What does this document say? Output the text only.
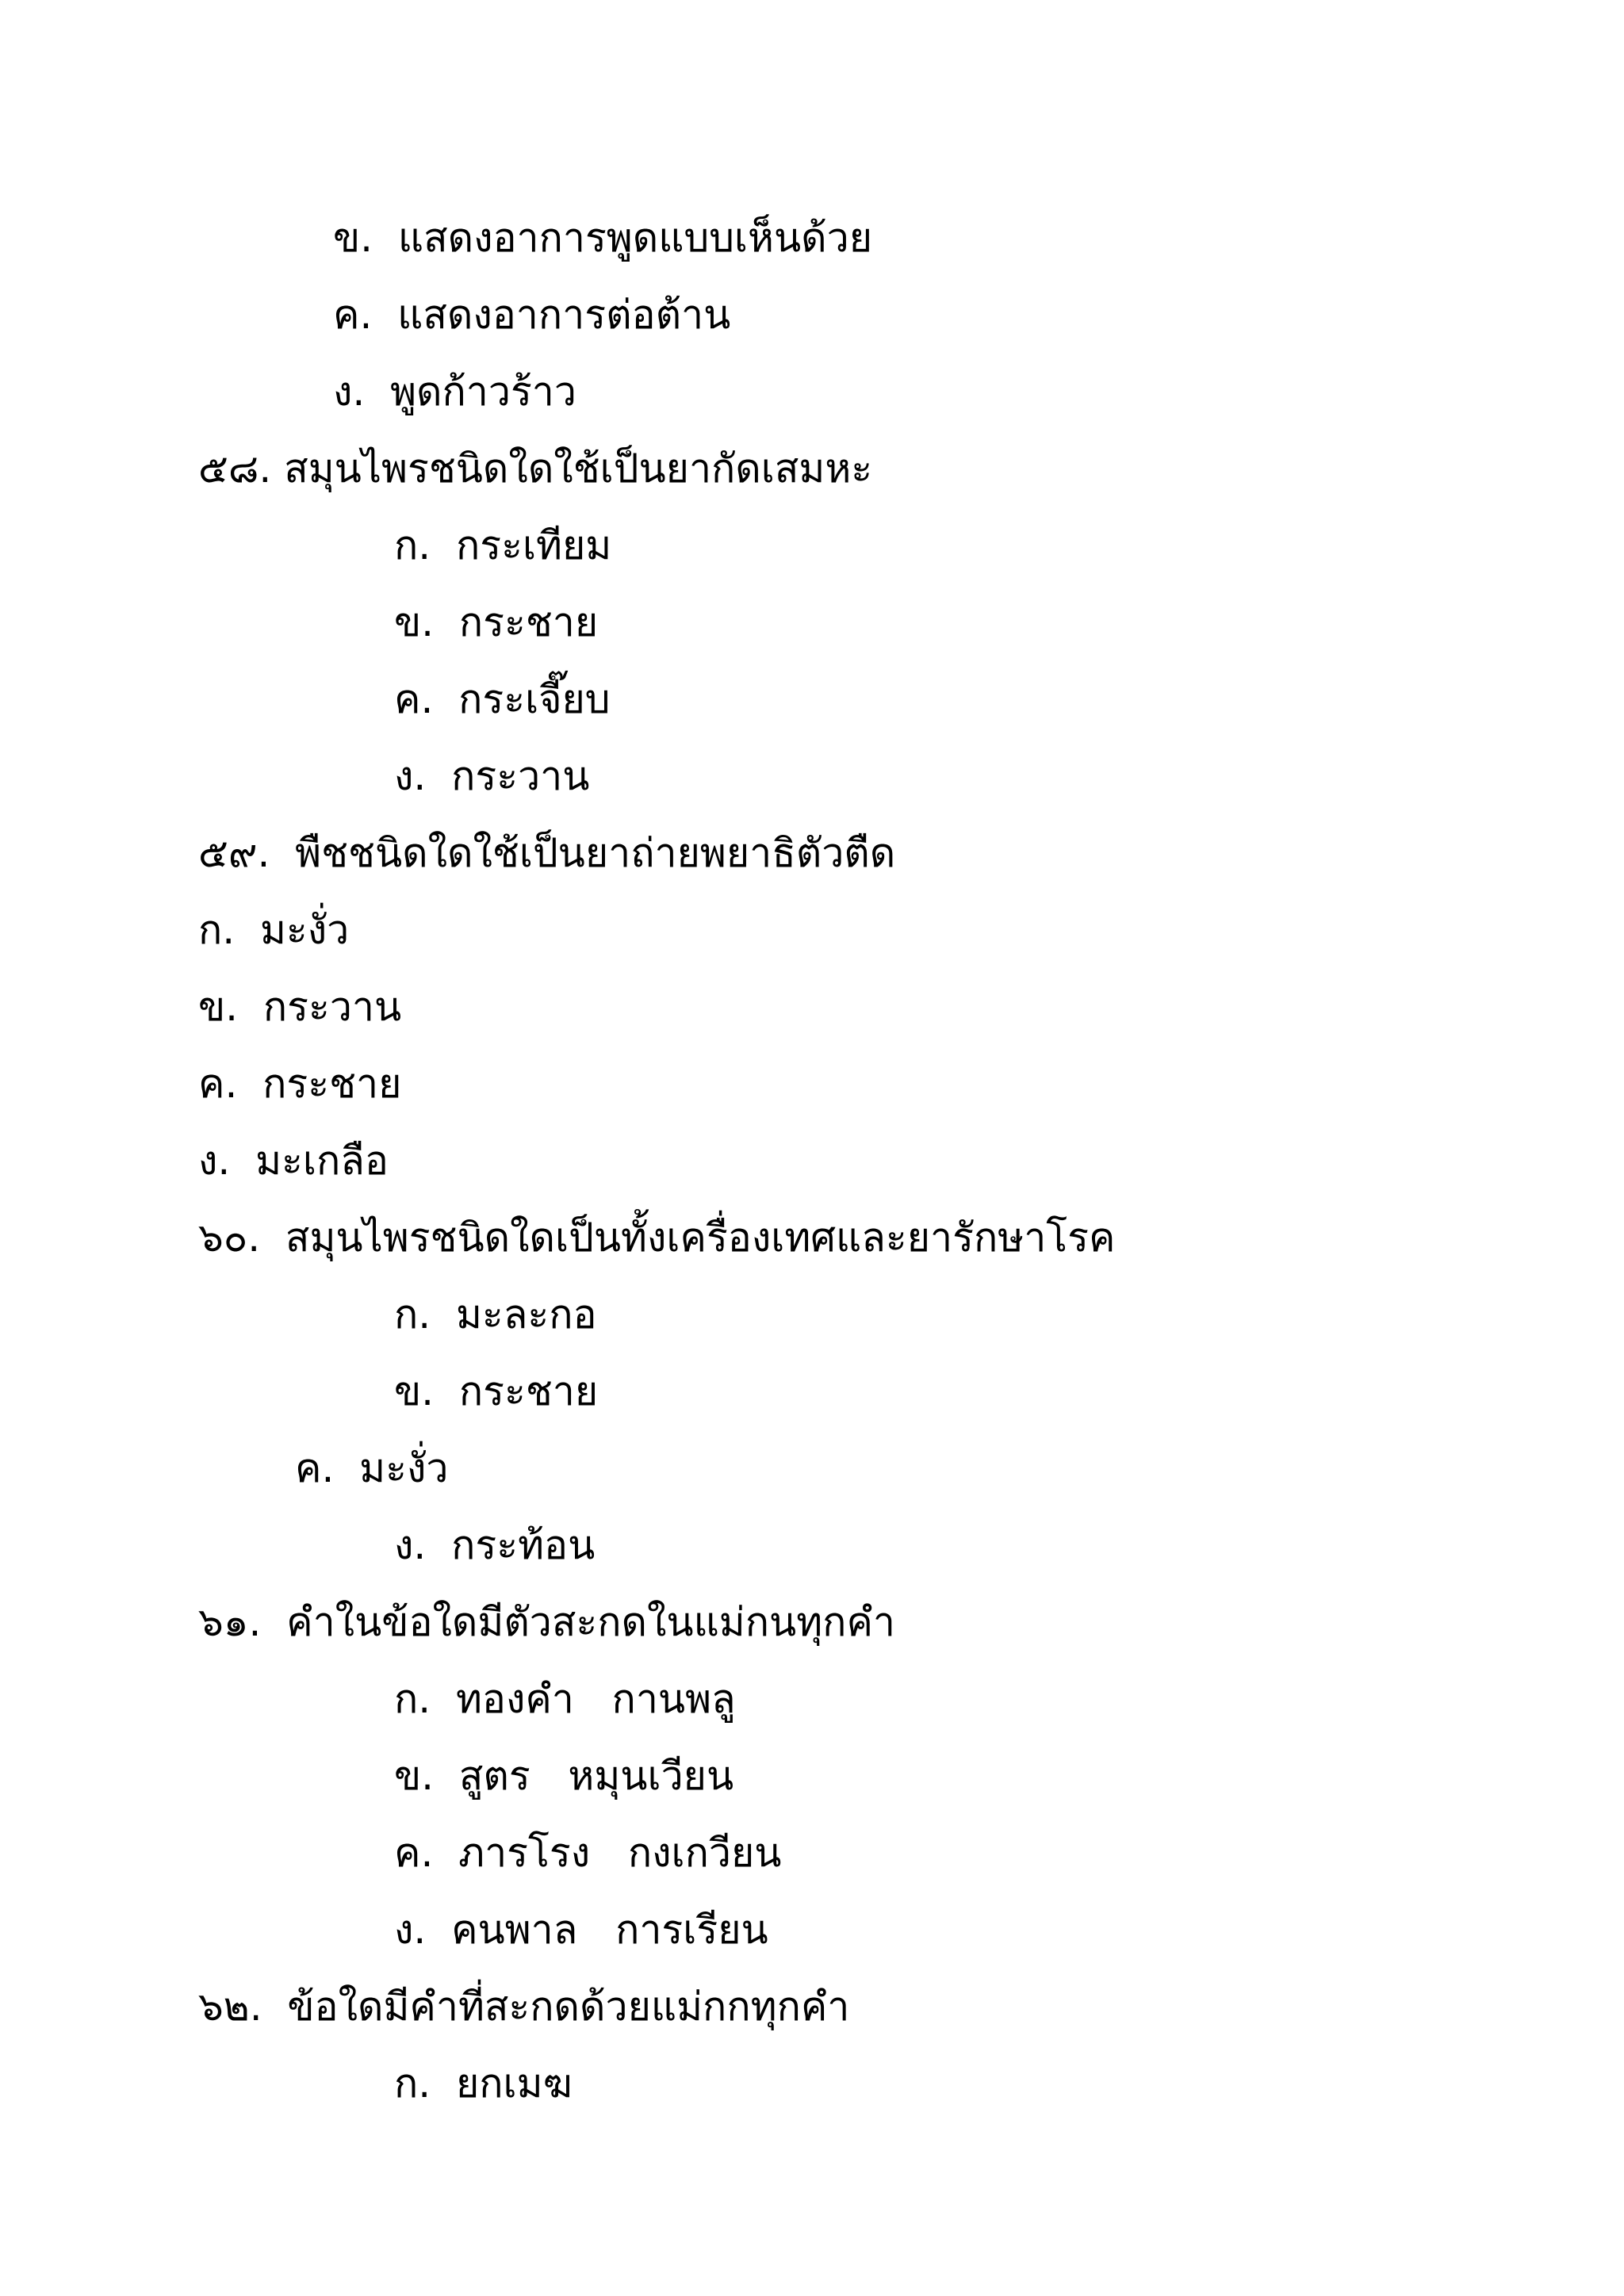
ข.  แสดงอาการพูดแบบเห็นด้วย
ค.  แสดงอาการต่อต้าน
ง.  พูดก้าวร้าว
๕๘. สมุนไพรชนิดใดใช้เป็นยากัดเสมหะ
ก.  กระเทียม
ข.  กระชาย
ค.  กระเจี๊ยบ
ง.  กระวาน
๕๙.  พืชชนิดใดใช้เป็นยาถ่ายพยาธิตัวตืด
ก.  มะงั่ว
ข.  กระวาน
ค.  กระชาย
ง.  มะเกลือ
๖๐.  สมุนไพรชนิดใดเป็นทั้งเครื่องเทศและยารักษาโรค
ก.  มะละกอ
ข.  กระชาย
ค.  มะงั่ว
ง.  กระท้อน
๖๑.  คำในข้อใดมีตัวสะกดในแม่กนทุกคำ
ก.  ทองคำ   กานพลู
ข.  สูตร   หมุนเวียน
ค.  ภารโรง   กงเกวียน
ง.  คนพาล   การเรียน
๖๒.  ข้อใดมีคำที่สะกดด้วยแม่กกทุกคำ
ก.  ยกเมฆ
